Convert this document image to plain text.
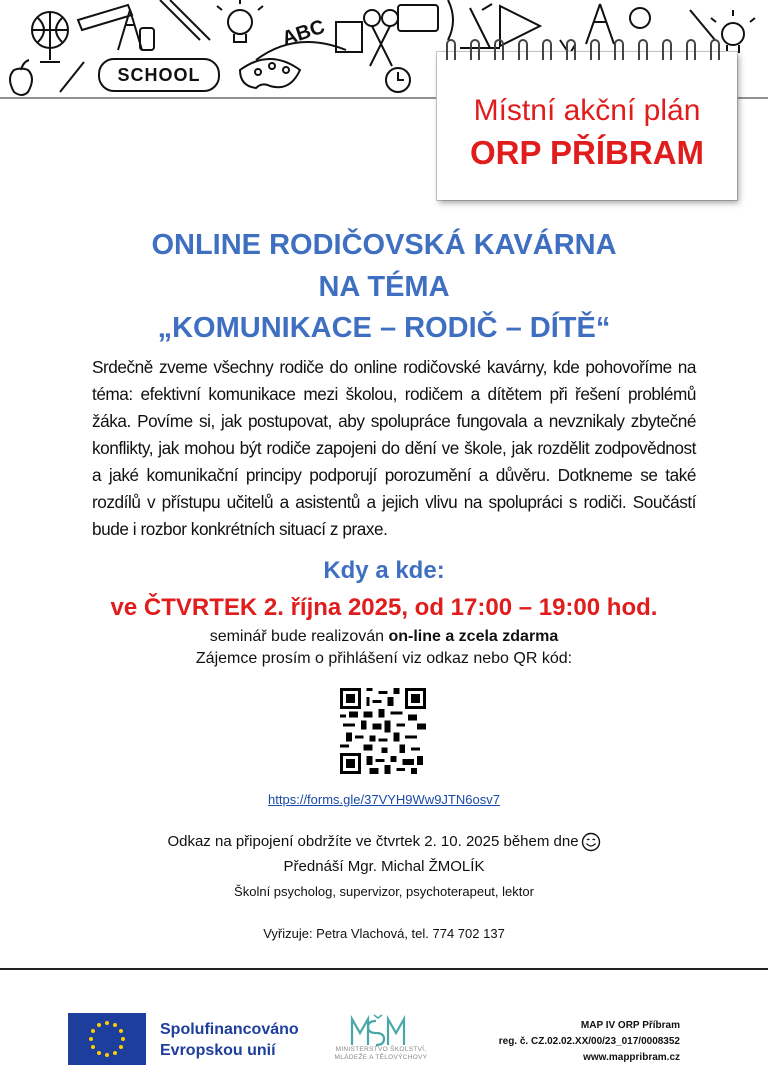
SCHOOL
ABC
Místní akční plán
ORP PŘÍBRAM
ONLINE RODIČOVSKÁ KAVÁRNA
NA TÉMA
„KOMUNIKACE – RODIČ – DÍTĚ“
Srdečně zveme všechny rodiče do online rodičovské kavárny, kde pohovoříme na téma: efektivní komunikace mezi školou, rodičem a dítětem při řešení problémů žáka. Povíme si, jak postupovat, aby spolupráce fungovala a nevznikaly zbytečné konflikty, jak mohou být rodiče zapojeni do dění ve škole, jak rozdělit zodpovědnost a jaké komunikační principy podporují porozumění a důvěru. Dotkneme se také rozdílů v přístupu učitelů a asistentů a jejich vlivu na spolupráci s rodiči. Součástí bude i rozbor konkrétních situací z praxe.
Kdy a kde:
ve ČTVRTEK 2. října 2025, od 17:00 – 19:00 hod.
seminář bude realizován on-line a zcela zdarma
Zájemce prosím o přihlášení viz odkaz nebo QR kód:
https://forms.gle/37VYH9Ww9JTN6osv7
Odkaz na připojení obdržíte ve čtvrtek 2. 10. 2025 během dne
Přednáší Mgr. Michal ŽMOLÍK
Školní psycholog, supervizor, psychoterapeut, lektor
Vyřizuje: Petra Vlachová, tel. 774 702 137
Spolufinancováno
Evropskou unií	MINISTERSTVO ŠKOLSTVÍ,
MLÁDEŽE A TĚLOVÝCHOVY
MAP IV ORP Příbram
reg. č. CZ.02.02.XX/00/23_017/0008352
www.mappribram.cz
